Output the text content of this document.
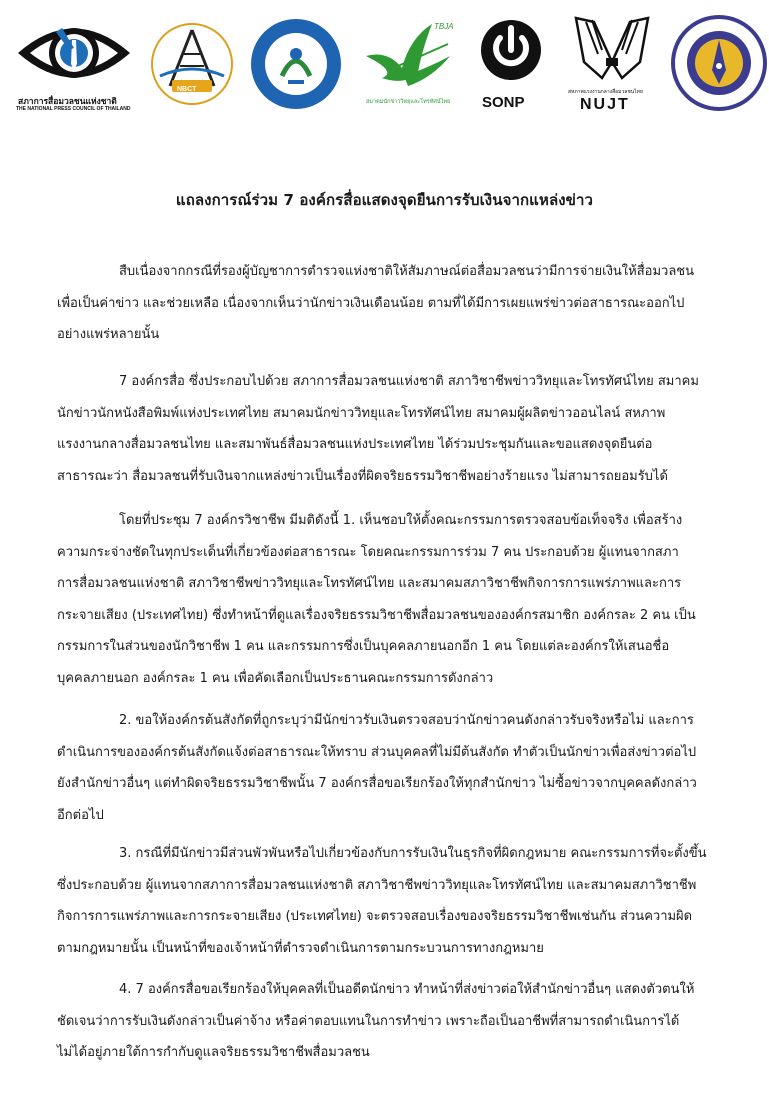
สภาการสื่อมวลชนแห่งชาติ
THE NATIONAL PRESS COUNCIL OF THAILAND
NBCT
TBJA
สมาคมนักข่าววิทยุและโทรทัศน์ไทย SONP
สหภาพแรงงานกลางสื่อมวลชนไทย
NUJT
แถลงการณ์ร่วม 7 องค์กรสื่อแสดงจุดยืนการรับเงินจากแหล่งข่าว
สืบเนื่องจากกรณีที่รองผู้บัญชาการตำรวจแห่งชาติให้สัมภาษณ์ต่อสื่อมวลชนว่ามีการจ่ายเงินให้สื่อมวลชน
เพื่อเป็นค่าข่าว และช่วยเหลือ เนื่องจากเห็นว่านักข่าวเงินเดือนน้อย ตามที่ได้มีการเผยแพร่ข่าวต่อสาธารณะออกไป
อย่างแพร่หลายนั้น
7 องค์กรสื่อ ซึ่งประกอบไปด้วย สภาการสื่อมวลชนแห่งชาติ สภาวิชาชีพข่าววิทยุและโทรทัศน์ไทย สมาคม
นักข่าวนักหนังสือพิมพ์แห่งประเทศไทย สมาคมนักข่าววิทยุและโทรทัศน์ไทย สมาคมผู้ผลิตข่าวออนไลน์ สหภาพ
แรงงานกลางสื่อมวลชนไทย และสมาพันธ์สื่อมวลชนแห่งประเทศไทย ได้ร่วมประชุมกันและขอแสดงจุดยืนต่อ
สาธารณะว่า สื่อมวลชนที่รับเงินจากแหล่งข่าวเป็นเรื่องที่ผิดจริยธรรมวิชาชีพอย่างร้ายแรง ไม่สามารถยอมรับได้
โดยที่ประชุม 7 องค์กรวิชาชีพ มีมติดังนี้ 1. เห็นชอบให้ตั้งคณะกรรมการตรวจสอบข้อเท็จจริง เพื่อสร้าง
ความกระจ่างชัดในทุกประเด็นที่เกี่ยวข้องต่อสาธารณะ โดยคณะกรรมการร่วม 7 คน ประกอบด้วย ผู้แทนจากสภา
การสื่อมวลชนแห่งชาติ สภาวิชาชีพข่าววิทยุและโทรทัศน์ไทย และสมาคมสภาวิชาชีพกิจการการแพร่ภาพและการ
กระจายเสียง (ประเทศไทย) ซึ่งทำหน้าที่ดูแลเรื่องจริยธรรมวิชาชีพสื่อมวลชนขององค์กรสมาชิก องค์กรละ 2 คน เป็น
กรรมการในส่วนของนักวิชาชีพ 1 คน และกรรมการซึ่งเป็นบุคคลภายนอกอีก 1 คน โดยแต่ละองค์กรให้เสนอชื่อ
บุคคลภายนอก องค์กรละ 1 คน เพื่อคัดเลือกเป็นประธานคณะกรรมการดังกล่าว
2. ขอให้องค์กรต้นสังกัดที่ถูกระบุว่ามีนักข่าวรับเงินตรวจสอบว่านักข่าวคนดังกล่าวรับจริงหรือไม่ และการ
ดำเนินการขององค์กรต้นสังกัดแจ้งต่อสาธารณะให้ทราบ ส่วนบุคคลที่ไม่มีต้นสังกัด ทำตัวเป็นนักข่าวเพื่อส่งข่าวต่อไป
ยังสำนักข่าวอื่นๆ แต่ทำผิดจริยธรรมวิชาชีพนั้น 7 องค์กรสื่อขอเรียกร้องให้ทุกสำนักข่าว ไม่ซื้อข่าวจากบุคคลดังกล่าว
อีกต่อไป
3. กรณีที่มีนักข่าวมีส่วนพัวพันหรือไปเกี่ยวข้องกับการรับเงินในธุรกิจที่ผิดกฎหมาย คณะกรรมการที่จะตั้งขึ้น
ซึ่งประกอบด้วย ผู้แทนจากสภาการสื่อมวลชนแห่งชาติ สภาวิชาชีพข่าววิทยุและโทรทัศน์ไทย และสมาคมสภาวิชาชีพ
กิจการการแพร่ภาพและการกระจายเสียง (ประเทศไทย) จะตรวจสอบเรื่องของจริยธรรมวิชาชีพเช่นกัน ส่วนความผิด
ตามกฎหมายนั้น เป็นหน้าที่ของเจ้าหน้าที่ตำรวจดำเนินการตามกระบวนการทางกฎหมาย
4. 7 องค์กรสื่อขอเรียกร้องให้บุคคลที่เป็นอดีตนักข่าว ทำหน้าที่ส่งข่าวต่อให้สำนักข่าวอื่นๆ แสดงตัวตนให้
ชัดเจนว่าการรับเงินดังกล่าวเป็นค่าจ้าง หรือค่าตอบแทนในการทำข่าว เพราะถือเป็นอาชีพที่สามารถดำเนินการได้
ไม่ได้อยู่ภายใต้การกำกับดูแลจริยธรรมวิชาชีพสื่อมวลชน
